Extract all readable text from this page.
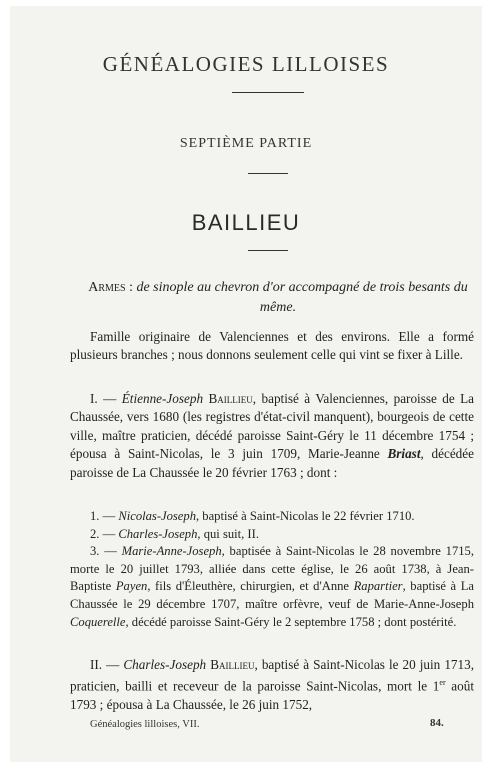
GÉNÉALOGIES LILLOISES
SEPTIÈME PARTIE
BAILLIEU
Armes : de sinople au chevron d'or accompagné de trois besants du même.
Famille originaire de Valenciennes et des environs. Elle a formé plusieurs branches ; nous donnons seulement celle qui vint se fixer à Lille.
I. — Étienne-Joseph Baillieu, baptisé à Valenciennes, paroisse de La Chaussée, vers 1680 (les registres d'état-civil manquent), bourgeois de cette ville, maître praticien, décédé paroisse Saint-Géry le 11 décembre 1754 ; épousa à Saint-Nicolas, le 3 juin 1709, Marie-Jeanne Briast, décédée paroisse de La Chaussée le 20 février 1763 ; dont :
1. — Nicolas-Joseph, baptisé à Saint-Nicolas le 22 février 1710.
2. — Charles-Joseph, qui suit, II.
3. — Marie-Anne-Joseph, baptisée à Saint-Nicolas le 28 novembre 1715, morte le 20 juillet 1793, alliée dans cette église, le 26 août 1738, à Jean-Baptiste Payen, fils d'Éleuthère, chirurgien, et d'Anne Rapartier, baptisé à La Chaussée le 29 décembre 1707, maître orfèvre, veuf de Marie-Anne-Joseph Coquerelle, décédé paroisse Saint-Géry le 2 septembre 1758 ; dont postérité.
II. — Charles-Joseph Baillieu, baptisé à Saint-Nicolas le 20 juin 1713, praticien, bailli et receveur de la paroisse Saint-Nicolas, mort le 1er août 1793 ; épousa à La Chaussée, le 26 juin 1752,
Généalogies lilloises, VII.	84.
